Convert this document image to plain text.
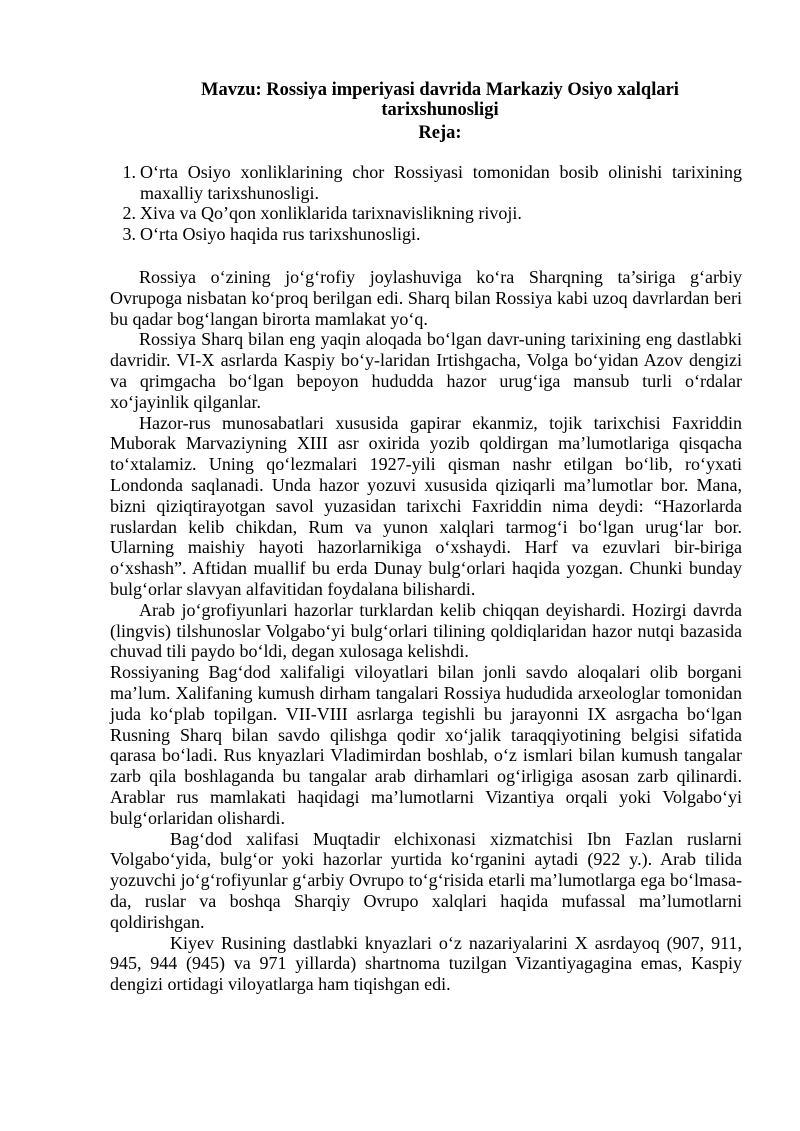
Mavzu: Rossiya imperiyasi davrida Markaziy Osiyo xalqlari tarixshunosligi
Reja:
1. O‘rta Osiyo xonliklarining chor Rossiyasi tomonidan bosib olinishi tarixining maxalliy tarixshunosligi.
2. Xiva va Qo’qon xonliklarida tarixnavislikning rivoji.
3. O‘rta Osiyo haqida rus tarixshunosligi.

Rossiya o‘zining jo‘g‘rofiy joylashuviga ko‘ra Sharqning ta’siriga g‘arbiy Ovrupoga nisbatan ko‘proq berilgan edi. Sharq bilan Rossiya kabi uzoq davrlardan beri bu qadar bog‘langan birorta mamlakat yo‘q.

Rossiya Sharq bilan eng yaqin aloqada bo‘lgan davr-uning tarixining eng dastlabki davridir. VI-X asrlarda Kaspiy bo‘y-laridan Irtishgacha, Volga bo‘yidan Azov dengizi va qrimgacha bo‘lgan bepoyon hududda hazor urug‘iga mansub turli o‘rdalar xo‘jayinlik qilganlar.

Hazor-rus munosabatlari xususida gapirar ekanmiz, tojik tarixchisi Faxriddin Muborak Marvaziyning XIII asr oxirida yozib qoldirgan ma’lumotlariga qisqacha to‘xtalamiz. Uning qo‘lezmalari 1927-yili qisman nashr etilgan bo‘lib, ro‘yxati Londonda saqlanadi. Unda hazor yozuvi xususida qiziqarli ma’lumotlar bor. Mana, bizni qiziqtirayotgan savol yuzasidan tarixchi Faxriddin nima deydi: “Hazorlarda ruslardan kelib chikdan, Rum va yunon xalqlari tarmog‘i bo‘lgan urug‘lar bor. Ularning maishiy hayoti hazorlarnikiga o‘xshaydi. Harf va ezuvlari bir-biriga o‘xshash”. Aftidan muallif bu erda Dunay bulg‘orlari haqida yozgan. Chunki bunday bulg‘orlar slavyan alfavitidan foydalana bilishardi.

Arab jo‘grofiyunlari hazorlar turklardan kelib chiqqan deyishardi. Hozirgi davrda (lingvis) tilshunoslar Volgabo‘yi bulg‘orlari tilining qoldiqlaridan hazor nutqi bazasida chuvad tili paydo bo‘ldi, degan xulosaga kelishdi.

Rossiyaning Bag‘dod xalifaligi viloyatlari bilan jonli savdo aloqalari olib borgani ma’lum. Xalifaning kumush dirham tangalari Rossiya hududida arxeologlar tomonidan juda ko‘plab topilgan. VII-VIII asrlarga tegishli bu jarayonni IX asrgacha bo‘lgan Rusning Sharq bilan savdo qilishga qodir xo‘jalik taraqqiyotining belgisi sifatida qarasa bo‘ladi. Rus knyazlari Vladimirdan boshlab, o‘z ismlari bilan kumush tangalar zarb qila boshlaganda bu tangalar arab dirhamlari og‘irligiga asosan zarb qilinardi. Arablar rus mamlakati haqidagi ma’lumotlarni Vizantiya orqali yoki Volgabo‘yi bulg‘orlaridan olishardi.

Bag‘dod xalifasi Muqtadir elchixonasi xizmatchisi Ibn Fazlan ruslarni Volgabo‘yida, bulg‘or yoki hazorlar yurtida ko‘rganini aytadi (922 y.). Arab tilida yozuvchi jo‘g‘rofiyunlar g‘arbiy Ovrupo to‘g‘risida etarli ma’lumotlarga ega bo‘lmasa-da, ruslar va boshqa Sharqiy Ovrupo xalqlari haqida mufassal ma’lumotlarni qoldirishgan.

Kiyev Rusining dastlabki knyazlari o‘z nazariyalarini X asrdayoq (907, 911, 945, 944 (945) va 971 yillarda) shartnoma tuzilgan Vizantiyagagina emas, Kaspiy dengizi ortidagi viloyatlarga ham tiqishgan edi.
